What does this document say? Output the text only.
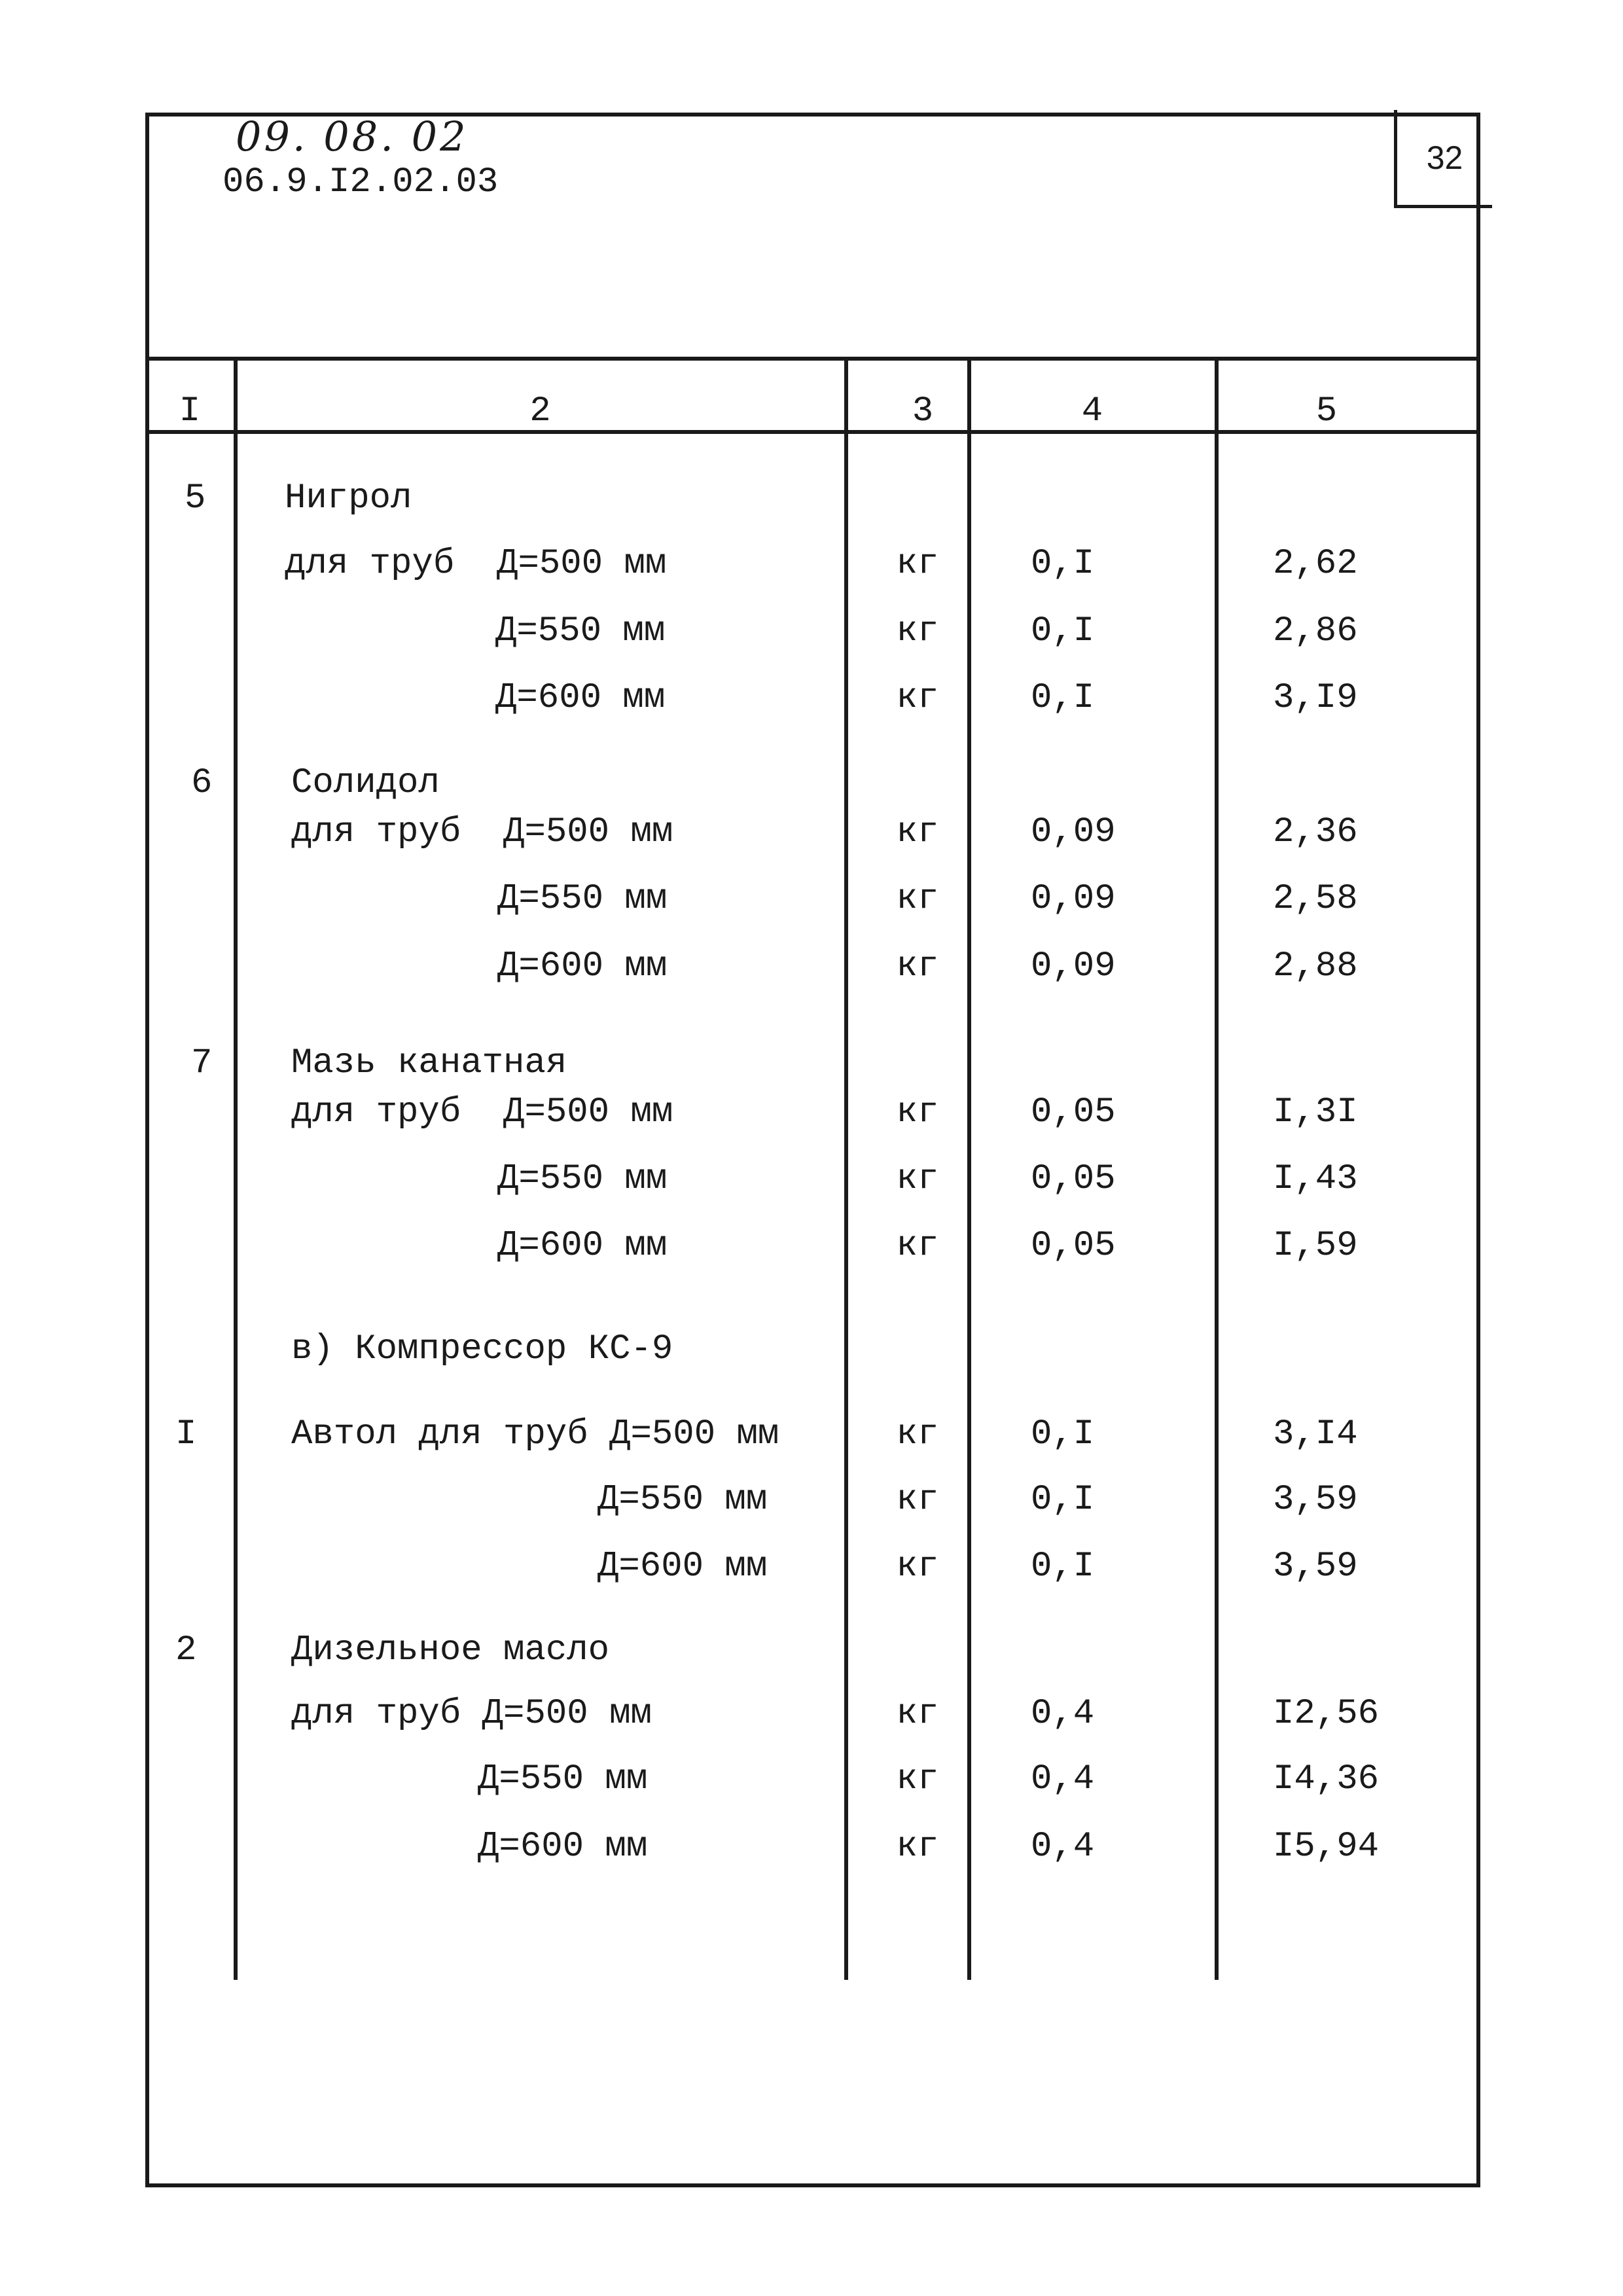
09. 08. 02
06.9.I2.02.03
32
I	2	3	4	5
5 Нигрол
для труб  Д=500 мм	кг	0,I	2,62
Д=550 мм	кг	0,I	2,86
Д=600 мм	кг	0,I	3,I9
6 Солидол
для труб  Д=500 мм	кг	0,09	2,36
Д=550 мм	кг	0,09	2,58
Д=600 мм	кг	0,09	2,88
7 Мазь канатная
для труб  Д=500 мм	кг	0,05	I,3I
Д=550 мм	кг	0,05	I,43
Д=600 мм	кг	0,05	I,59
в) Компрессор КС-9
I	Автол для труб Д=500 мм	кг	0,I	3,I4
Д=550 мм	кг	0,I	3,59
Д=600 мм	кг	0,I	3,59
2	Дизельное масло
для труб Д=500 мм	кг	0,4	I2,56
Д=550 мм	кг	0,4	I4,36
Д=600 мм	кг	0,4	I5,94
